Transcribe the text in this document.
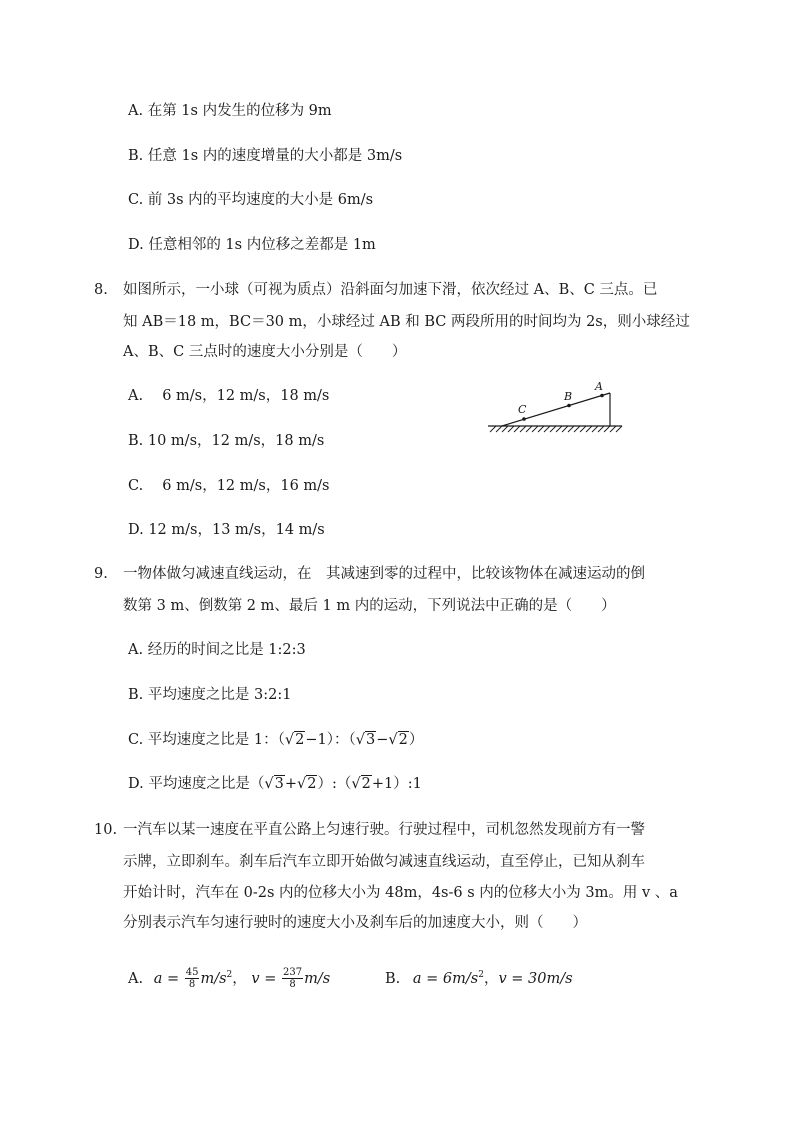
A. 在第 1s 内发生的位移为 9m
B. 任意 1s 内的速度增量的大小都是 3m/s
C. 前 3s 内的平均速度的大小是 6m/s
D. 任意相邻的 1s 内位移之差都是 1m
8. 如图所示，一小球（可视为质点）沿斜面匀加速下滑，依次经过 A、B、C 三点。已
知 AB＝18 m，BC＝30 m，小球经过 AB 和 BC 两段所用的时间均为 2s，则小球经过
A、B、C 三点时的速度大小分别是（　　）
A.　 6 m/s，12 m/s，18 m/s
B. 10 m/s，12 m/s，18 m/s
C.　 6 m/s，12 m/s，16 m/s
D. 12 m/s，13 m/s，14 m/s
C
B
A
9. 一物体做匀减速直线运动，在　其减速到零的过程中，比较该物体在减速运动的倒
数第 3 m、倒数第 2 m、最后 1 m 内的运动，下列说法中正确的是（　　）
A. 经历的时间之比是 1:2:3
B. 平均速度之比是 3:2:1
C. 平均速度之比是 1：（√2−1）：（√3−√2）
D. 平均速度之比是（√3+√2）:（√2+1）:1
10. 一汽车以某一速度在平直公路上匀速行驶。行驶过程中，司机忽然发现前方有一警
示牌，立即刹车。刹车后汽车立即开始做匀减速直线运动，直至停止，已知从刹车
开始计时，汽车在 0-2s 内的位移大小为 48m，4s-6 s 内的位移大小为 3m。用 v 、a
分别表示汽车匀速行驶时的速度大小及刹车后的加速度大小，则（　　）
A. $a = \frac{45}{8} m/s^2$， $v = \frac{237}{8} m/s$	B. $a = 6m/s^2$，v = 30m/s
